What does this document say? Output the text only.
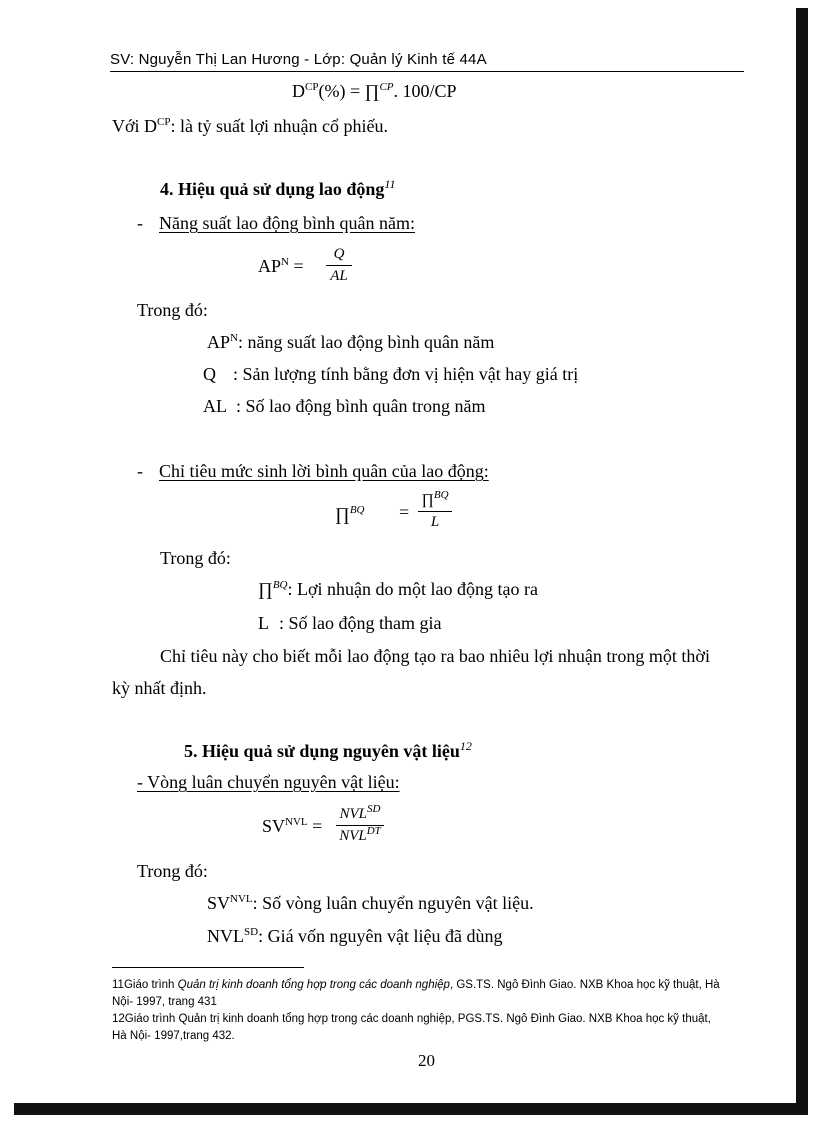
SV: Nguyễn Thị Lan Hương - Lớp: Quản lý Kinh tế 44A
$D^{CP}(\%)$ = ∏$^{CP}$. 100/CP
Với $D^{CP}$: là tỷ suất lợi nhuận cổ phiếu.
4. Hiệu quả sử dụng lao động$^{11}$
- Năng suất lao động bình quân năm:
$AP^N$ =
Q
AL
Trong đó:
$AP^N$: năng suất lao động bình quân năm
Q : Sản lượng tính bằng đơn vị hiện vật hay giá trị
AL : Số lao động bình quân trong năm
- Chỉ tiêu mức sinh lời bình quân của lao động:
∏$^{BQ}$ =
∏$^{BQ}$
L
Trong đó:
∏$^{BQ}$: Lợi nhuận do một lao động tạo ra
L : Số lao động tham gia
Chỉ tiêu này cho biết mỗi lao động tạo ra bao nhiêu lợi nhuận trong một thời
kỳ nhất định.
5. Hiệu quả sử dụng nguyên vật liệu$^{12}$
- Vòng luân chuyển nguyên vật liệu:
$SV^{NVL}$ =
$NVL^{SD}$
$NVL^{DT}$
Trong đó:
$SV^{NVL}$: Số vòng luân chuyển nguyên vật liệu.
$NVL^{SD}$: Giá vốn nguyên vật liệu đã dùng
11Giáo trình Quản trị kinh doanh tổng hợp trong các doanh nghiệp, GS.TS. Ngô Đình Giao. NXB Khoa học kỹ thuật, Hà Nội- 1997, trang 431
12Giáo trình Quản trị kinh doanh tổng hợp trong các doanh nghiệp, PGS.TS. Ngô Đình Giao. NXB Khoa học kỹ thuật, Hà Nội- 1997,trang 432.
20
